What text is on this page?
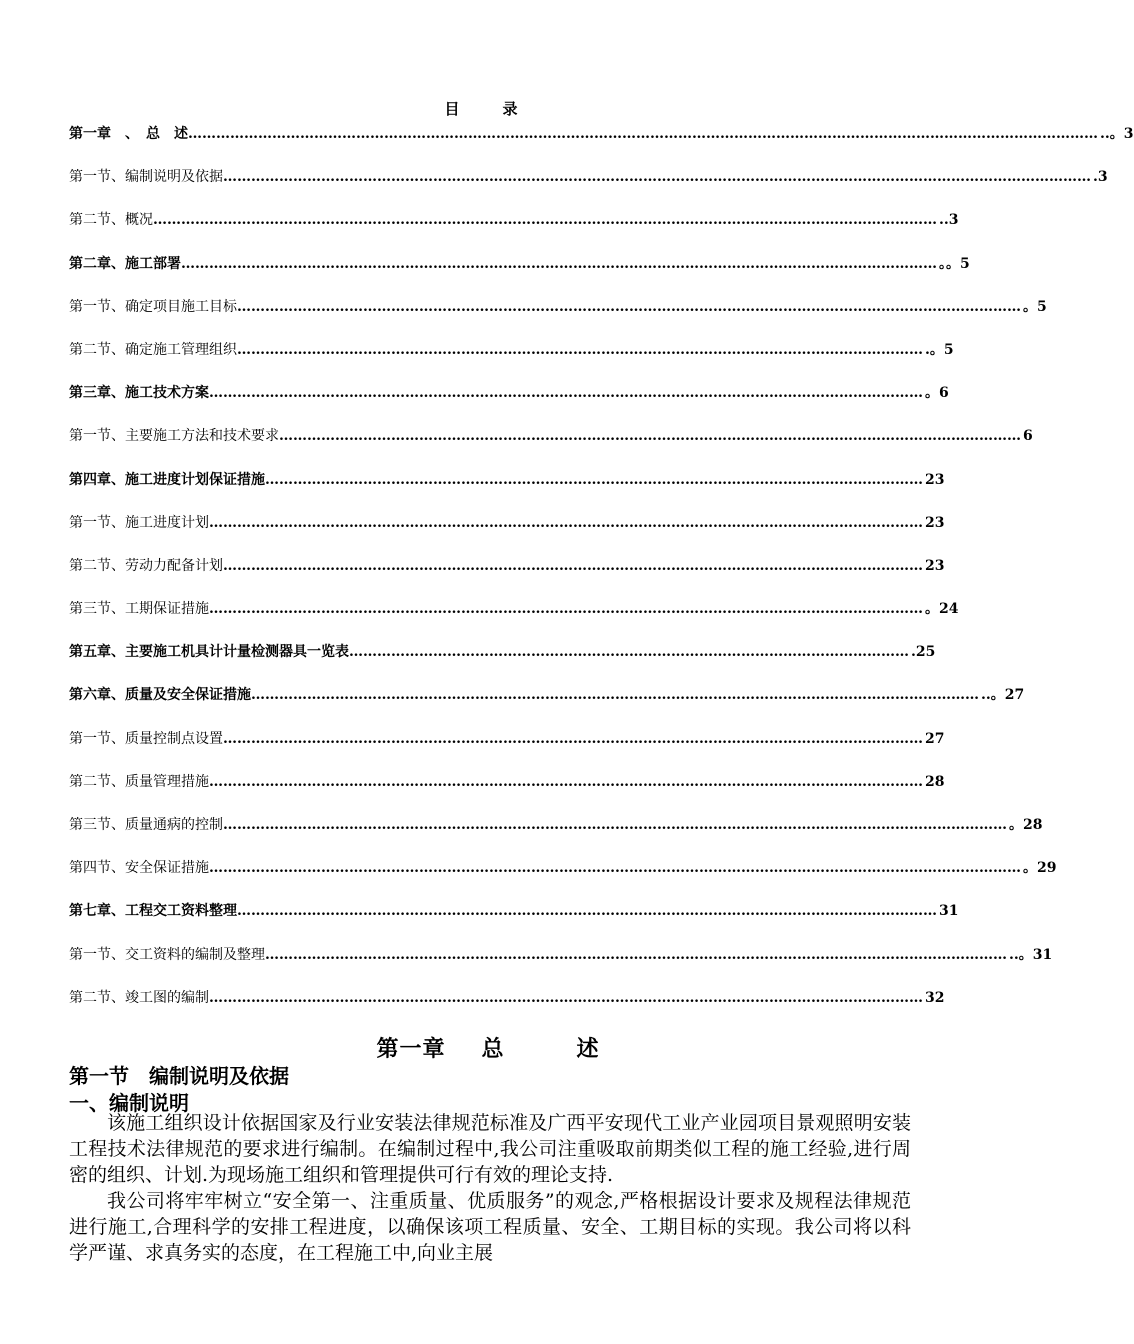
目　录
第一章　、　总　述 …………………………………………………………………………………………………………………………………………………………………………… ..。3
第一节、编制说明及依据 …………………………………………………………………………………………………………………………………………………………………… .3
第二节、概况 …………………………………………………………………………………………………………………………………………………… ..3
第二章、施工部署 ……………………………………………………………………………………………………………………………………………… 。。5
第一节、确定项目施工目标 …………………………………………………………………………………………………………………………………………………… 。5
第二节、确定施工管理组织 ………………………………………………………………………………………………………………………………… .。5
第三章、施工技术方案 ……………………………………………………………………………………………………………………………………… 。6
第一节、主要施工方法和技术要求 …………………………………………………………………………………………………………………………………………… 6
第四章、施工进度计划保证措施 …………………………………………………………………………………………………………………………… 23
第一节、施工进度计划 ……………………………………………………………………………………………………………………………………… 23
第二节、劳动力配备计划 …………………………………………………………………………………………………………………………………… 23
第三节、工期保证措施 ……………………………………………………………………………………………………………………………………… 。24
第五章、主要施工机具计计量检测器具一览表 ………………………………………………………………………………………………………… .25
第六章、质量及安全保证措施 ………………………………………………………………………………………………………………………………………… ..。27
第一节、质量控制点设置 …………………………………………………………………………………………………………………………………… 27
第二节、质量管理措施 ……………………………………………………………………………………………………………………………………… 28
第三节、质量通病的控制 …………………………………………………………………………………………………………………………………………………… 。28
第四节、安全保证措施 ………………………………………………………………………………………………………………………………………………………… 。29
第七章、工程交工资料整理 …………………………………………………………………………………………………………………………………… 31
第一节、交工资料的编制及整理 …………………………………………………………………………………………………………………………………………… ..。31
第二节、竣工图的编制 ……………………………………………………………………………………………………………………………………… 32
第一章 总	述
第一节　编制说明及依据
一、编制说明

该施工组织设计依据国家及行业安装法律规范标准及广西平安现代工业产业园项目景观照明安装工程技术法律规范的要求进行编制。在编制过程中,我公司注重吸取前期类似工程的施工经验,进行周密的组织、计划.为现场施工组织和管理提供可行有效的理论支持.

我公司将牢牢树立“安全第一、注重质量、优质服务”的观念,严格根据设计要求及规程法律规范进行施工,合理科学的安排工程进度，以确保该项工程质量、安全、工期目标的实现。我公司将以科学严谨、求真务实的态度，在工程施工中,向业主展
